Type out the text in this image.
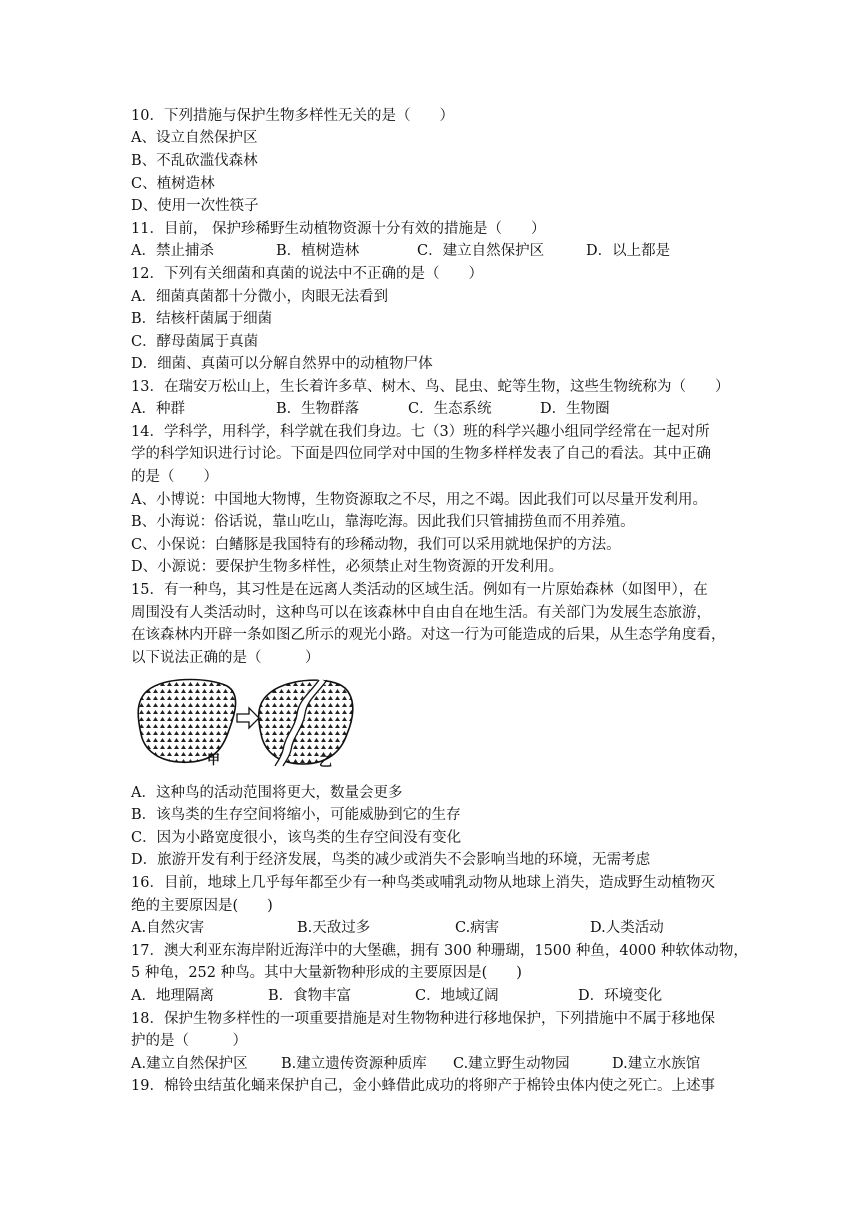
10．下列措施与保护生物多样性无关的是（　　）
A、设立自然保护区
B、不乱砍滥伐森林
C、植树造林
D、使用一次性筷子
11．目前， 保护珍稀野生动植物资源十分有效的措施是（　　）
A．禁止捕杀	B．植树造林	C．建立自然保护区	D．以上都是
12．下列有关细菌和真菌的说法中不正确的是（　　）
A．细菌真菌都十分微小，肉眼无法看到
B．结核杆菌属于细菌
C．酵母菌属于真菌
D．细菌、真菌可以分解自然界中的动植物尸体
13．在瑞安万松山上，生长着许多草、树木、鸟、昆虫、蛇等生物，这些生物统称为（　　）
A．种群	B．生物群落	C．生态系统	D．生物圈
14．学科学，用科学，科学就在我们身边。七（3）班的科学兴趣小组同学经常在一起对所
学的科学知识进行讨论。下面是四位同学对中国的生物多样样发表了自己的看法。其中正确
的是（　　）
A、小博说：中国地大物博，生物资源取之不尽，用之不竭。因此我们可以尽量开发利用。
B、小海说：俗话说，靠山吃山，靠海吃海。因此我们只管捕捞鱼而不用养殖。
C、小保说：白鳍豚是我国特有的珍稀动物，我们可以采用就地保护的方法。
D、小源说：要保护生物多样性，必须禁止对生物资源的开发利用。
15．有一种鸟，其习性是在远离人类活动的区域生活。例如有一片原始森林（如图甲），在
周围没有人类活动时，这种鸟可以在该森林中自由自在地生活。有关部门为发展生态旅游，
在该森林内开辟一条如图乙所示的观光小路。对这一行为可能造成的后果，从生态学角度看，
以下说法正确的是（　　　）
甲	乙
A．这种鸟的活动范围将更大，数量会更多
B．该鸟类的生存空间将缩小，可能威胁到它的生存
C．因为小路宽度很小，该鸟类的生存空间没有变化
D．旅游开发有利于经济发展，鸟类的减少或消失不会影响当地的环境，无需考虑
16．目前，地球上几乎每年都至少有一种鸟类或哺乳动物从地球上消失，造成野生动植物灭
绝的主要原因是(　　)
A.自然灾害	B.天敌过多	C.病害	D.人类活动
17．澳大利亚东海岸附近海洋中的大堡礁，拥有 300 种珊瑚，1500 种鱼，4000 种软体动物，
5 种龟，252 种鸟。其中大量新物种形成的主要原因是(　　)
A．地理隔离	B．食物丰富	C．地域辽阔	D．环境变化
18．保护生物多样性的一项重要措施是对生物物种进行移地保护，下列措施中不属于移地保
护的是（　　　）
A.建立自然保护区 B.建立遗传资源种质库 C.建立野生动物园	D.建立水族馆
19．棉铃虫结茧化蛹来保护自己，金小蜂借此成功的将卵产于棉铃虫体内使之死亡。上述事
